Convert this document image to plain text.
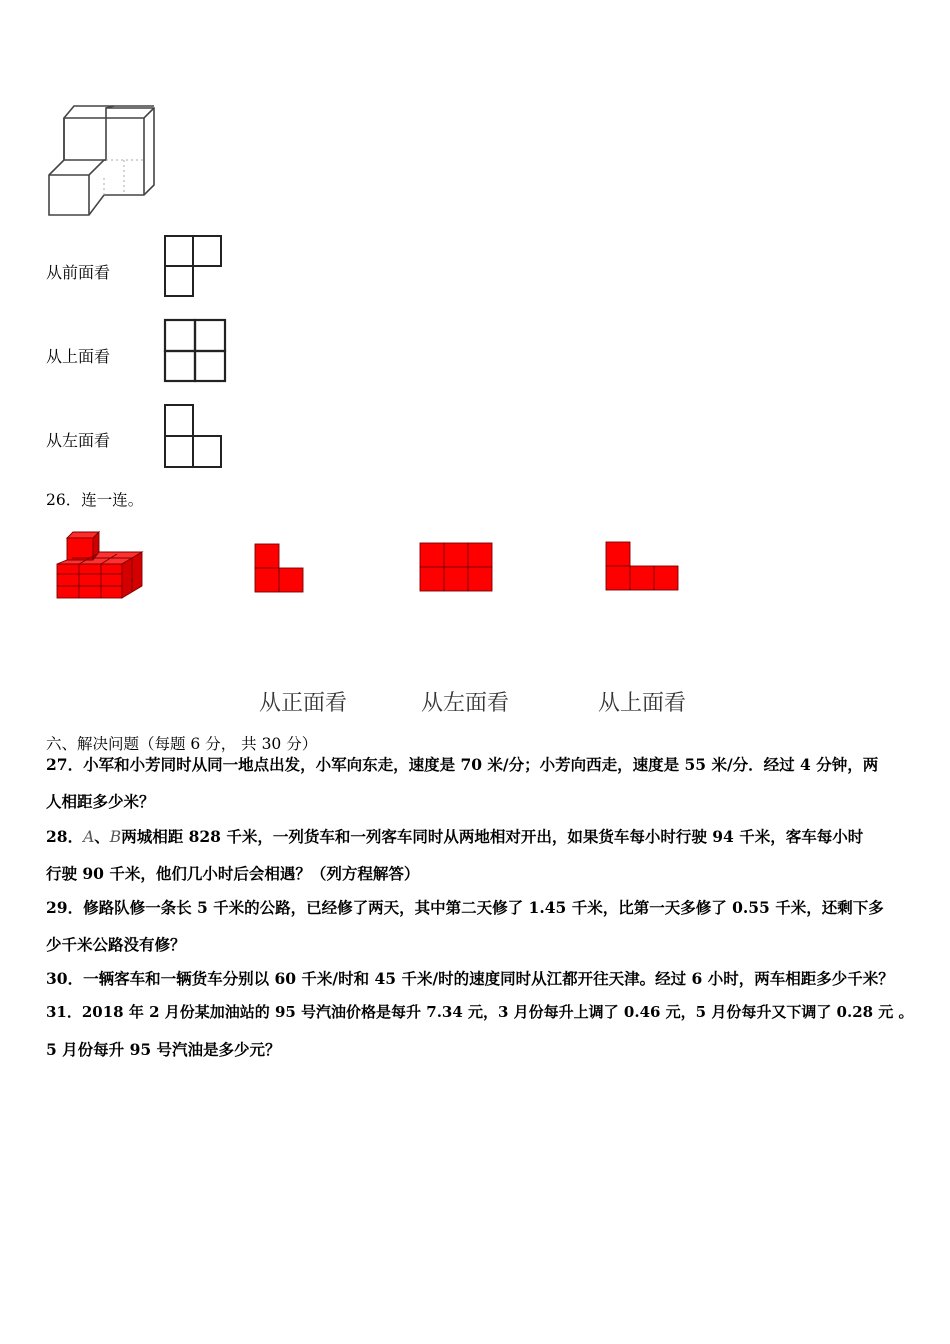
从前面看
从上面看
从左面看
26．连一连。
从正面看	从左面看	从上面看
六、解决问题（每题 6 分， 共 30 分）
27．小军和小芳同时从同一地点出发，小军向东走，速度是 70 米/分；小芳向西走，速度是 55 米/分．经过 4 分钟，两
人相距多少米？
28．A、B两城相距 828 千米，一列货车和一列客车同时从两地相对开出，如果货车每小时行驶 94 千米，客车每小时
行驶 90 千米，他们几小时后会相遇？（列方程解答）
29．修路队修一条长 5 千米的公路，已经修了两天，其中第二天修了 1.45 千米，比第一天多修了 0.55 千米，还剩下多
少千米公路没有修？
30．一辆客车和一辆货车分别以 60 千米/时和 45 千米/时的速度同时从江都开往天津。经过 6 小时，两车相距多少千米？
31．2018 年 2 月份某加油站的 95 号汽油价格是每升 7.34 元，3 月份每升上调了 0.46 元，5 月份每升又下调了 0.28 元 。
5 月份每升 95 号汽油是多少元？
